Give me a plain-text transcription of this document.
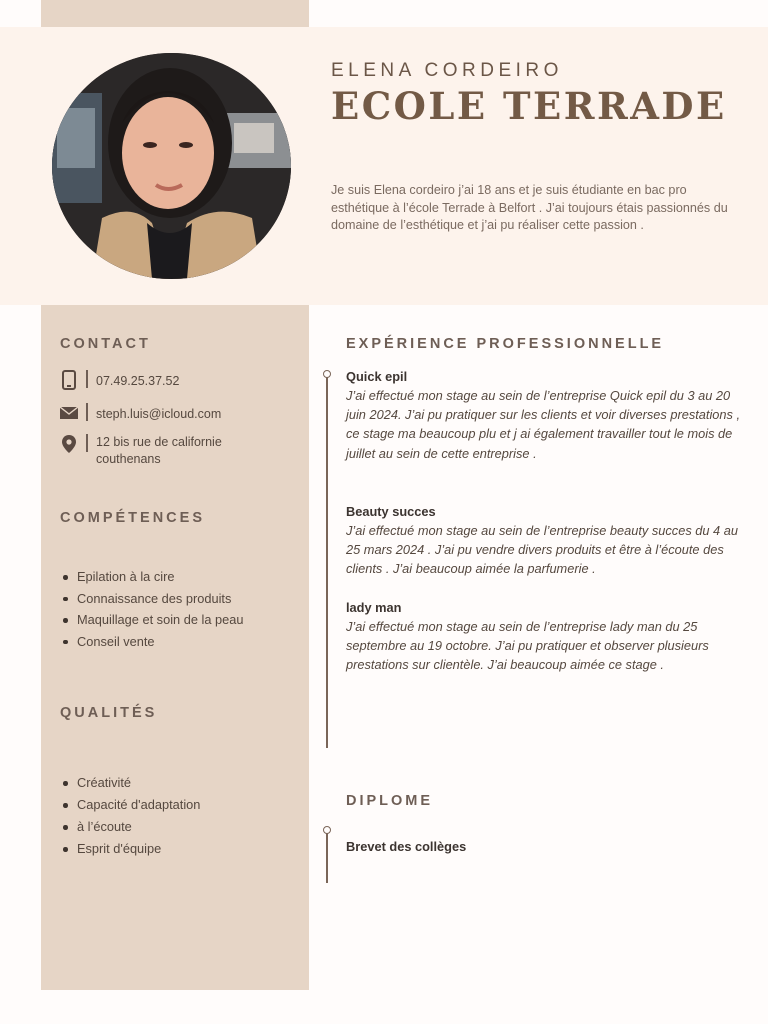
ELENA CORDEIRO
ECOLE TERRADE

Je suis Elena cordeiro j’ai 18 ans et je suis étudiante en bac pro esthétique à l’école Terrade à Belfort . J’ai toujours étais passionnés du domaine de l’esthétique et j’ai pu réaliser cette passion .

CONTACT
07.49.25.37.52
steph.luis@icloud.com
12 bis rue de californie
couthenans
COMPÉTENCES
Epilation à la cire
Connaissance des produits
Maquillage et soin de la peau
Conseil vente
QUALITÉS
Créativité
Capacité d'adaptation
à l’écoute
Esprit d'équipe
EXPÉRIENCE PROFESSIONNELLE
Quick epil
J’ai effectué mon stage au sein de l’entreprise Quick epil du 3 au 20 juin 2024. J’ai pu pratiquer sur les clients et voir diverses prestations , ce stage ma beaucoup plu et j ai également travailler tout le mois de juillet au sein de cette entreprise .
Beauty succes
J’ai effectué mon stage au sein de l’entreprise beauty succes du 4 au 25 mars 2024 . J’ai pu vendre divers produits et être à l’écoute des clients . J’ai beaucoup aimée la parfumerie .
lady man
J’ai effectué mon stage au sein de l’entreprise lady man du 25 septembre au 19 octobre. J’ai pu pratiquer et observer plusieurs prestations sur clientèle. J’ai beaucoup aimée ce stage .
DIPLOME
Brevet des collèges
